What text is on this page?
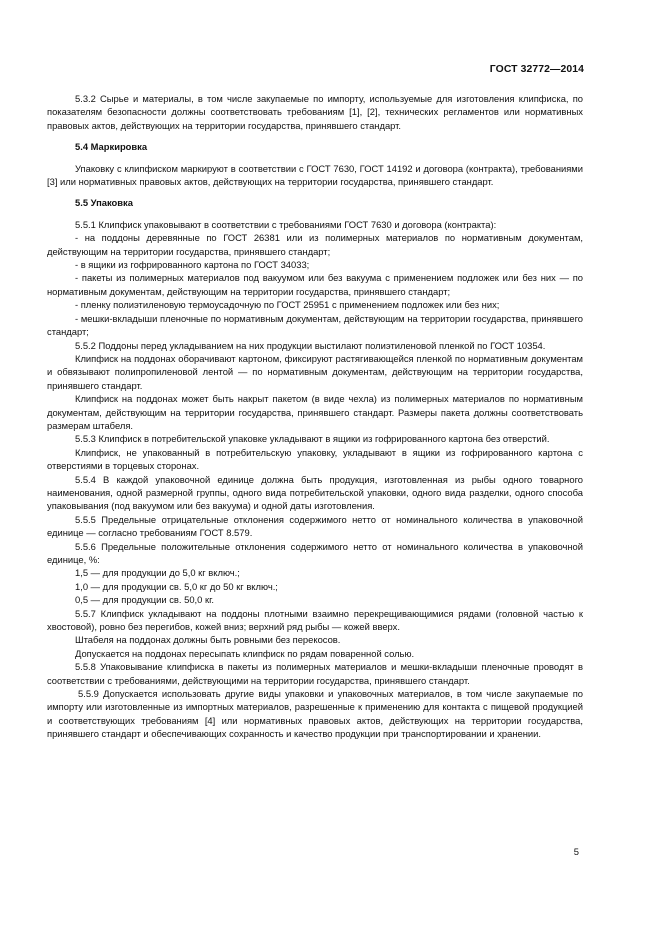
ГОСТ 32772—2014

5.3.2 Сырье и материалы, в том числе закупаемые по импорту, используемые для изготовления клипфиска, по показателям безопасности должны соответствовать требованиям [1], [2], технических регламентов или нормативных правовых актов, действующих на территории государства, принявшего стандарт.

5.4 Маркировка

Упаковку с клипфиском маркируют в соответствии с ГОСТ 7630, ГОСТ 14192 и договора (контракта), требованиями [3] или нормативных правовых актов, действующих на территории государства, принявшего стандарт.

5.5 Упаковка

5.5.1 Клипфиск упаковывают в соответствии с требованиями ГОСТ 7630 и договора (контракта):

- на поддоны деревянные по ГОСТ 26381 или из полимерных материалов по нормативным документам, действующим на территории государства, принявшего стандарт;

- в ящики из гофрированного картона по ГОСТ 34033;

- пакеты из полимерных материалов под вакуумом или без вакуума с применением подложек или без них — по нормативным документам, действующим на территории государства, принявшего стандарт;

- пленку полиэтиленовую термоусадочную по ГОСТ 25951 с применением подложек или без них;

- мешки-вкладыши пленочные по нормативным документам, действующим на территории государства, принявшего стандарт;

5.5.2 Поддоны перед укладыванием на них продукции выстилают полиэтиленовой пленкой по ГОСТ 10354.

Клипфиск на поддонах оборачивают картоном, фиксируют растягивающейся пленкой по нормативным документам и обвязывают полипропиленовой лентой — по нормативным документам, действующим на территории государства, принявшего стандарт.

Клипфиск на поддонах может быть накрыт пакетом (в виде чехла) из полимерных материалов по нормативным документам, действующим на территории государства, принявшего стандарт. Размеры пакета должны соответствовать размерам штабеля.

5.5.3 Клипфиск в потребительской упаковке укладывают в ящики из гофрированного картона без отверстий.

Клипфиск, не упакованный в потребительскую упаковку, укладывают в ящики из гофрированного картона с отверстиями в торцевых сторонах.

5.5.4 В каждой упаковочной единице должна быть продукция, изготовленная из рыбы одного товарного наименования, одной размерной группы, одного вида потребительской упаковки, одного вида разделки, одного способа упаковывания (под вакуумом или без вакуума) и одной даты изготовления.

5.5.5 Предельные отрицательные отклонения содержимого нетто от номинального количества в упаковочной единице — согласно требованиям ГОСТ 8.579.

5.5.6 Предельные положительные отклонения содержимого нетто от номинального количества в упаковочной единице, %:

1,5 — для продукции до 5,0 кг включ.;

1,0 — для продукции св. 5,0 кг до 50 кг включ.;

0,5 — для продукции св. 50,0 кг.

5.5.7 Клипфиск укладывают на поддоны плотными взаимно перекрещивающимися рядами (головной частью к хвостовой), ровно без перегибов, кожей вниз; верхний ряд рыбы — кожей вверх.

Штабеля на поддонах должны быть ровными без перекосов.

Допускается на поддонах пересыпать клипфиск по рядам поваренной солью.

5.5.8 Упаковывание клипфиска в пакеты из полимерных материалов и мешки-вкладыши пленочные проводят в соответствии с требованиями, действующими на территории государства, принявшего стандарт.

5.5.9 Допускается использовать другие виды упаковки и упаковочных материалов, в том числе закупаемые по импорту или изготовленные из импортных материалов, разрешенные к применению для контакта с пищевой продукцией и соответствующих требованиям [4] или нормативных правовых актов, действующих на территории государства, принявшего стандарт и обеспечивающих сохранность и качество продукции при транспортировании и хранении.

5
